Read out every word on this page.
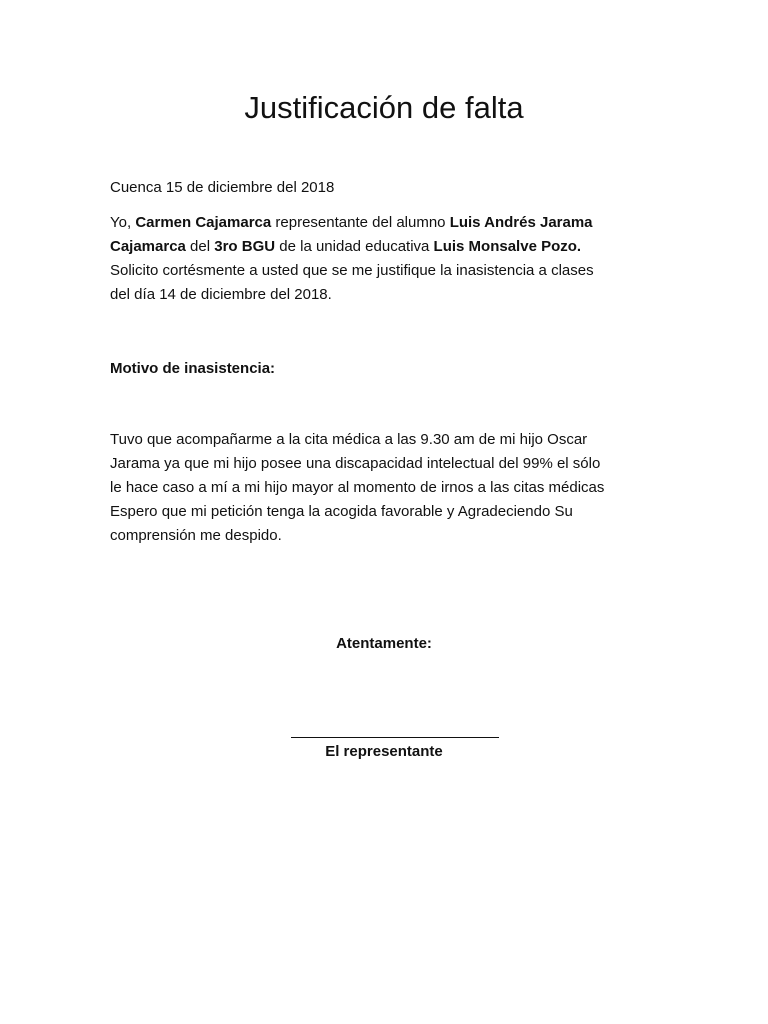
Justificación de falta

Cuenca 15 de diciembre del 2018

Yo, Carmen Cajamarca representante del alumno Luis Andrés Jarama
Cajamarca del 3ro BGU de la unidad educativa Luis Monsalve Pozo.
Solicito cortésmente a usted que se me justifique la inasistencia a clases
del día 14 de diciembre del 2018.

Motivo de inasistencia:

Tuvo que acompañarme a la cita médica a las 9.30 am de mi hijo Oscar
Jarama ya que mi hijo posee una discapacidad intelectual del 99% el sólo
le hace caso a mí a mi hijo mayor al momento de irnos a las citas médicas
Espero que mi petición tenga la acogida favorable y Agradeciendo Su
comprensión me despido.

Atentamente:
El representante
